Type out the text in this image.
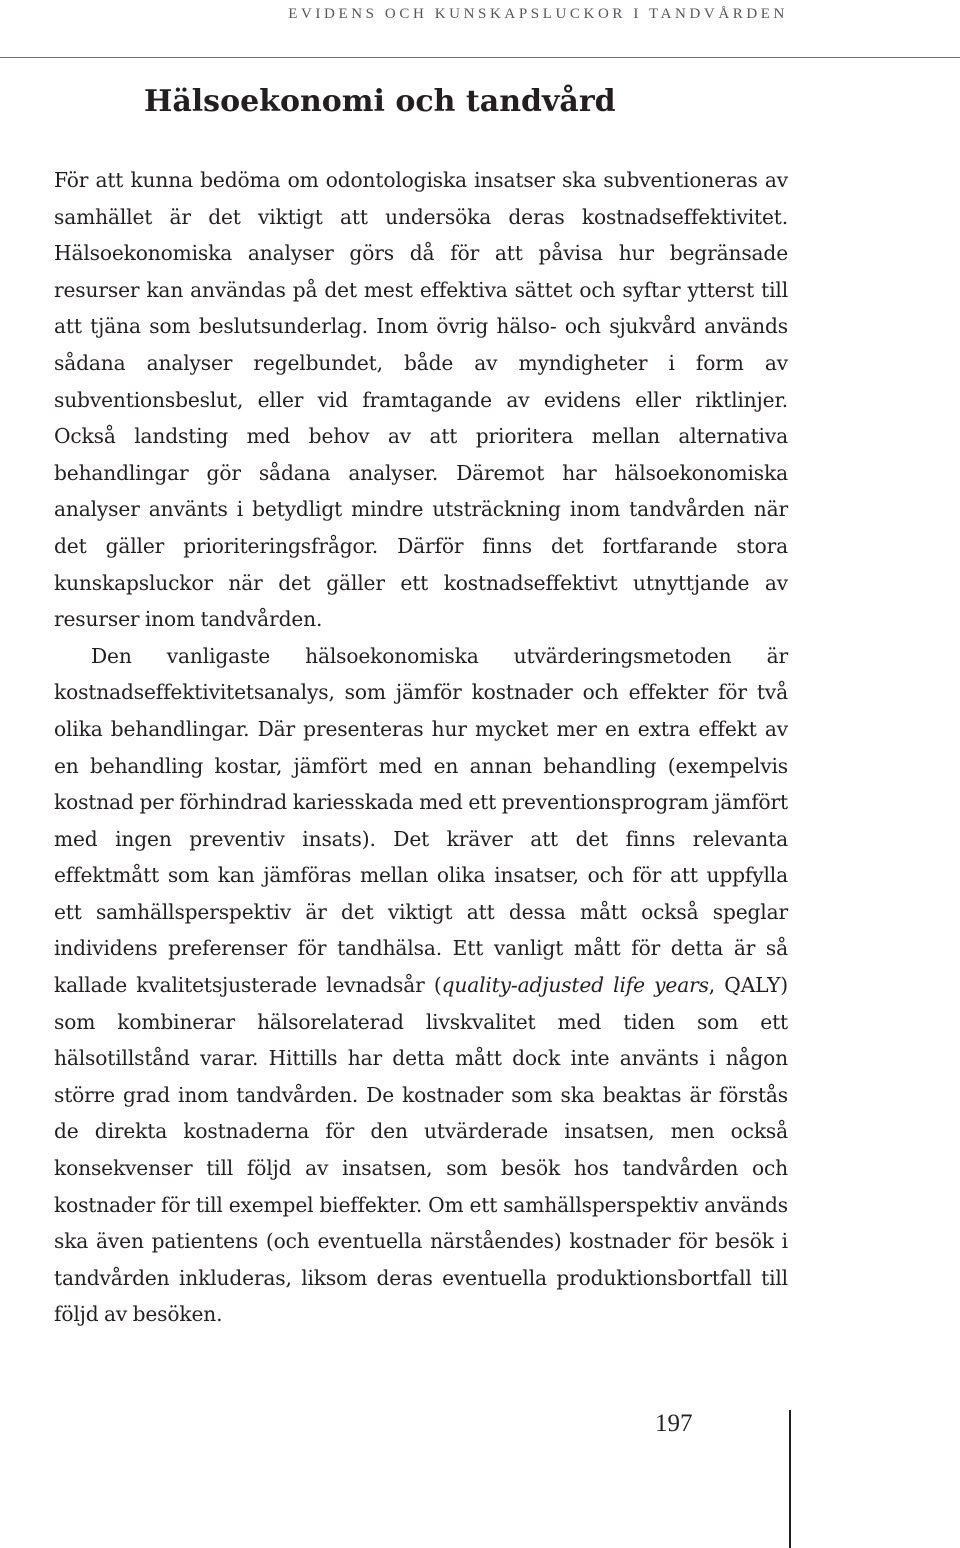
EVIDENS OCH KUNSKAPSLUCKOR I TANDVÅRDEN
Hälsoekonomi och tandvård

För att kunna bedöma om odontologiska insatser ska subventioneras av samhället är det viktigt att undersöka deras kostnadseffektivitet. Hälsoekonomiska analyser görs då för att påvisa hur begränsade resurser kan användas på det mest effektiva sättet och syftar ytterst till att tjäna som beslutsunderlag. Inom övrig hälso- och sjukvård används sådana analyser regelbundet, både av myndigheter i form av subventionsbeslut, eller vid framtagande av evidens eller riktlinjer. Också landsting med behov av att prioritera mellan alternativa behandlingar gör sådana analyser. Däremot har hälsoekonomiska analyser använts i betydligt mindre utsträckning inom tandvården när det gäller prioriteringsfrågor. Därför finns det fortfarande stora kunskapsluckor när det gäller ett kostnadseffektivt utnyttjande av resurser inom tandvården.

Den vanligaste hälsoekonomiska utvärderingsmetoden är kostnadseffektivitetsanalys, som jämför kostnader och effekter för två olika behandlingar. Där presenteras hur mycket mer en extra effekt av en behandling kostar, jämfört med en annan behandling (exempelvis kostnad per förhindrad kariesskada med ett preventionsprogram jämfört med ingen preventiv insats). Det kräver att det finns relevanta effektmått som kan jämföras mellan olika insatser, och för att uppfylla ett samhällsperspektiv är det viktigt att dessa mått också speglar individens preferenser för tandhälsa. Ett vanligt mått för detta är så kallade kvalitetsjusterade levnadsår (quality-adjusted life years, QALY) som kombinerar hälsorelaterad livskvalitet med tiden som ett hälsotillstånd varar. Hittills har detta mått dock inte använts i någon större grad inom tandvården. De kostnader som ska beaktas är förstås de direkta kostnaderna för den utvärderade insatsen, men också konsekvenser till följd av insatsen, som besök hos tandvården och kostnader för till exempel bieffekter. Om ett samhällsperspektiv används ska även patientens (och eventuella närståendes) kostnader för besök i tandvården inkluderas, liksom deras eventuella produktionsbortfall till följd av besöken.

197
